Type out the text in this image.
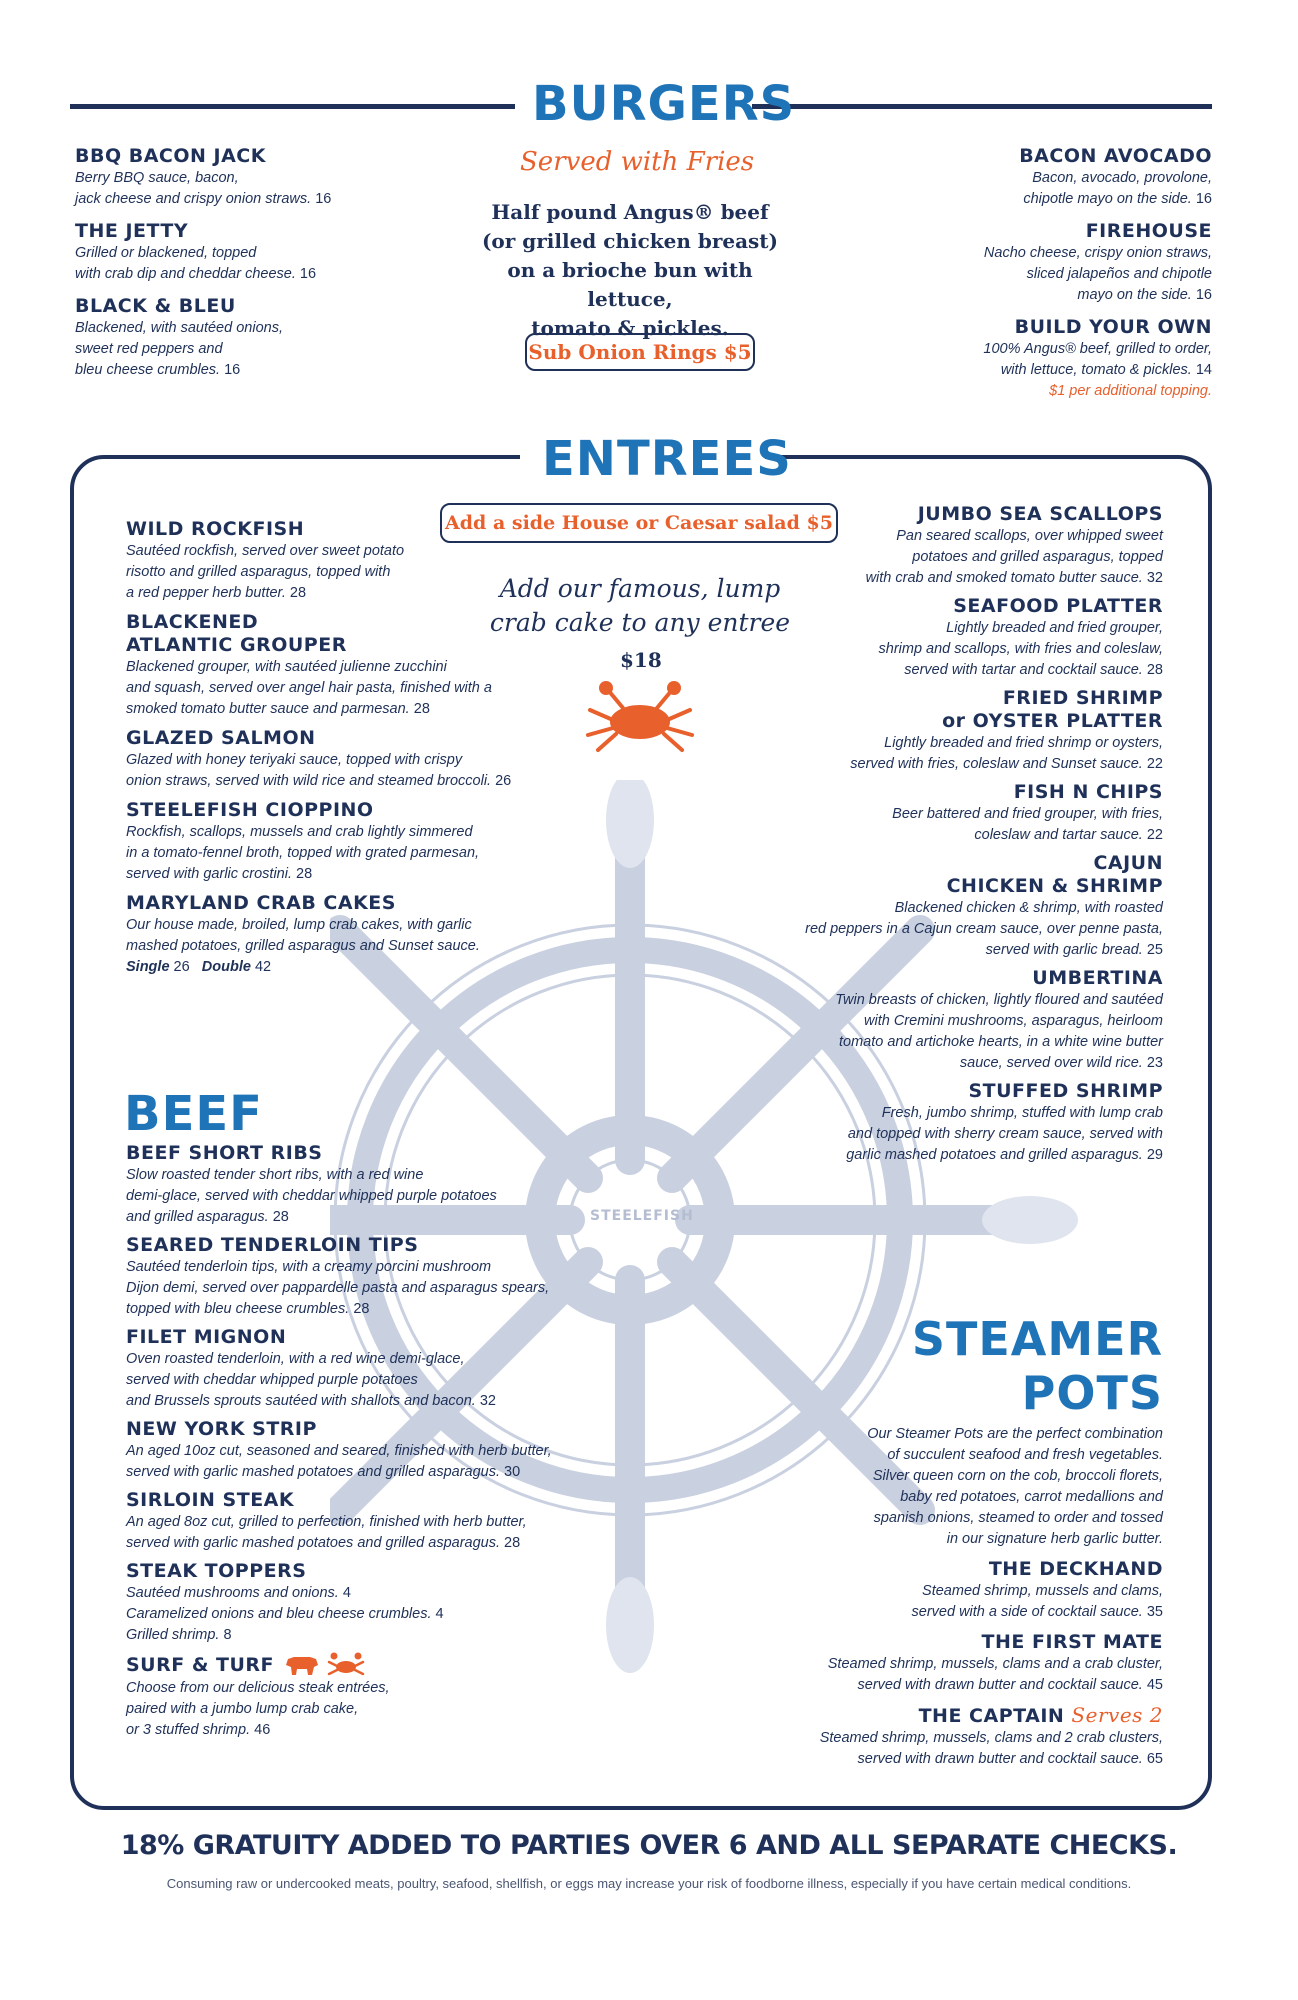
STEELEFISH
BURGERS
Served with Fries
Half pound Angus® beef
(or grilled chicken breast)
on a brioche bun with lettuce,
tomato & pickles.
Sub Onion Rings $5
BBQ BACON JACK
Berry BBQ sauce, bacon,
jack cheese and crispy onion straws. 16
THE JETTY
Grilled or blackened, topped
with crab dip and cheddar cheese. 16
BLACK & BLEU
Blackened, with sautéed onions,
sweet red peppers and
bleu cheese crumbles. 16
BACON AVOCADO
Bacon, avocado, provolone,
chipotle mayo on the side. 16
FIREHOUSE
Nacho cheese, crispy onion straws,
sliced jalapeños and chipotle
mayo on the side. 16
BUILD YOUR OWN
100% Angus® beef, grilled to order,
with lettuce, tomato & pickles. 14
$1 per additional topping.
ENTREES
Add a side House or Caesar salad $5
Add our famous, lump
crab cake to any entree
$18
WILD ROCKFISH
Sautéed rockfish, served over sweet potato
risotto and grilled asparagus, topped with
a red pepper herb butter. 28
BLACKENED
ATLANTIC GROUPER
Blackened grouper, with sautéed julienne zucchini
and squash, served over angel hair pasta, finished with a
smoked tomato butter sauce and parmesan. 28
GLAZED SALMON
Glazed with honey teriyaki sauce, topped with crispy
onion straws, served with wild rice and steamed broccoli. 26
STEELEFISH CIOPPINO
Rockfish, scallops, mussels and crab lightly simmered
in a tomato-fennel broth, topped with grated parmesan,
served with garlic crostini. 28
MARYLAND CRAB CAKES
Our house made, broiled, lump crab cakes, with garlic
mashed potatoes, grilled asparagus and Sunset sauce.
Single 26 Double 42
JUMBO SEA SCALLOPS
Pan seared scallops, over whipped sweet
potatoes and grilled asparagus, topped
with crab and smoked tomato butter sauce. 32
SEAFOOD PLATTER
Lightly breaded and fried grouper,
shrimp and scallops, with fries and coleslaw,
served with tartar and cocktail sauce. 28
FRIED SHRIMP
or OYSTER PLATTER
Lightly breaded and fried shrimp or oysters,
served with fries, coleslaw and Sunset sauce. 22
FISH N CHIPS
Beer battered and fried grouper, with fries,
coleslaw and tartar sauce. 22
CAJUN
CHICKEN & SHRIMP
Blackened chicken & shrimp, with roasted
red peppers in a Cajun cream sauce, over penne pasta,
served with garlic bread. 25
UMBERTINA
Twin breasts of chicken, lightly floured and sautéed
with Cremini mushrooms, asparagus, heirloom
tomato and artichoke hearts, in a white wine butter
sauce, served over wild rice. 23
STUFFED SHRIMP
Fresh, jumbo shrimp, stuffed with lump crab
and topped with sherry cream sauce, served with
garlic mashed potatoes and grilled asparagus. 29
BEEF
BEEF SHORT RIBS
Slow roasted tender short ribs, with a red wine
demi-glace, served with cheddar whipped purple potatoes
and grilled asparagus. 28
SEARED TENDERLOIN TIPS
Sautéed tenderloin tips, with a creamy porcini mushroom
Dijon demi, served over pappardelle pasta and asparagus spears,
topped with bleu cheese crumbles. 28
FILET MIGNON
Oven roasted tenderloin, with a red wine demi-glace,
served with cheddar whipped purple potatoes
and Brussels sprouts sautéed with shallots and bacon. 32
NEW YORK STRIP
An aged 10oz cut, seasoned and seared, finished with herb butter,
served with garlic mashed potatoes and grilled asparagus. 30
SIRLOIN STEAK
An aged 8oz cut, grilled to perfection, finished with herb butter,
served with garlic mashed potatoes and grilled asparagus. 28
STEAK TOPPERS
Sautéed mushrooms and onions. 4
Caramelized onions and bleu cheese crumbles. 4
Grilled shrimp. 8
SURF & TURF
Choose from our delicious steak entrées,
paired with a jumbo lump crab cake,
or 3 stuffed shrimp. 46
STEAMER
POTS
Our Steamer Pots are the perfect combination
of succulent seafood and fresh vegetables.
Silver queen corn on the cob, broccoli florets,
baby red potatoes, carrot medallions and
spanish onions, steamed to order and tossed
in our signature herb garlic butter.
THE DECKHAND
Steamed shrimp, mussels and clams,
served with a side of cocktail sauce. 35
THE FIRST MATE
Steamed shrimp, mussels, clams and a crab cluster,
served with drawn butter and cocktail sauce. 45
THE CAPTAIN Serves 2
Steamed shrimp, mussels, clams and 2 crab clusters,
served with drawn butter and cocktail sauce. 65
18% GRATUITY ADDED TO PARTIES OVER 6 AND ALL SEPARATE CHECKS.
Consuming raw or undercooked meats, poultry, seafood, shellfish, or eggs may increase your risk of foodborne illness, especially if you have certain medical conditions.
